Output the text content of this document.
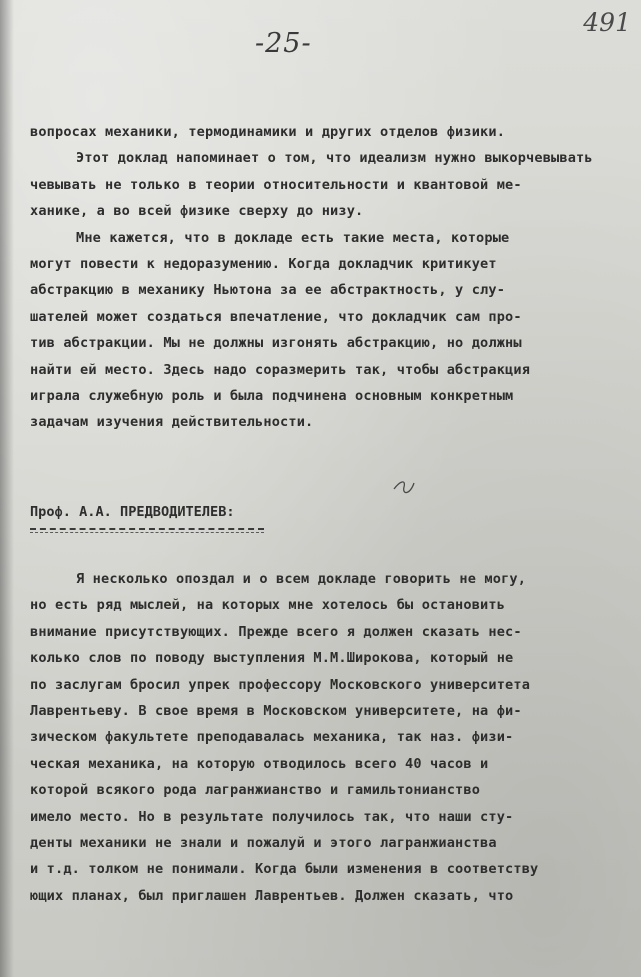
-25-

491

вопросах механики, термодинамики и других отделов физики.
Этот доклад напоминает о том, что идеализм нужно выкорчевывать
чевывать не только в теории относительности и квантовой ме-
ханике, а во всей физике сверху до низу.
Мне кажется, что в докладе есть такие места, которые
могут повести к недоразумению. Когда докладчик критикует
абстракцию в механику Ньютона за ее абстрактность, у слу-
шателей может создаться впечатление, что докладчик сам про-
тив абстракции. Мы не должны изгонять абстракцию, но должны
найти ей место. Здесь надо соразмерить так, чтобы абстракция
играла служебную роль и была подчинена основным конкретным
задачам изучения действительности.

Проф. А.А. ПРЕДВОДИТЕЛЕВ:

Я несколько опоздал и о всем докладе говорить не могу,
но есть ряд мыслей, на которых мне хотелось бы остановить
внимание присутствующих. Прежде всего я должен сказать нес-
колько слов по поводу выступления М.М.Широкова, который не
по заслугам бросил упрек профессору Московского университета
Лаврентьеву. В свое время в Московском университете, на фи-
зическом факультете преподавалась механика, так наз. физи-
ческая механика, на которую отводилось всего 40 часов и
которой всякого рода лагранжианство и гамильтонианство
имело место. Но в результате получилось так, что наши сту-
денты механики не знали и пожалуй и этого лагранжианства
и т.д. толком не понимали. Когда были изменения в соответству
ющих планах, был приглашен Лаврентьев. Должен сказать, что
